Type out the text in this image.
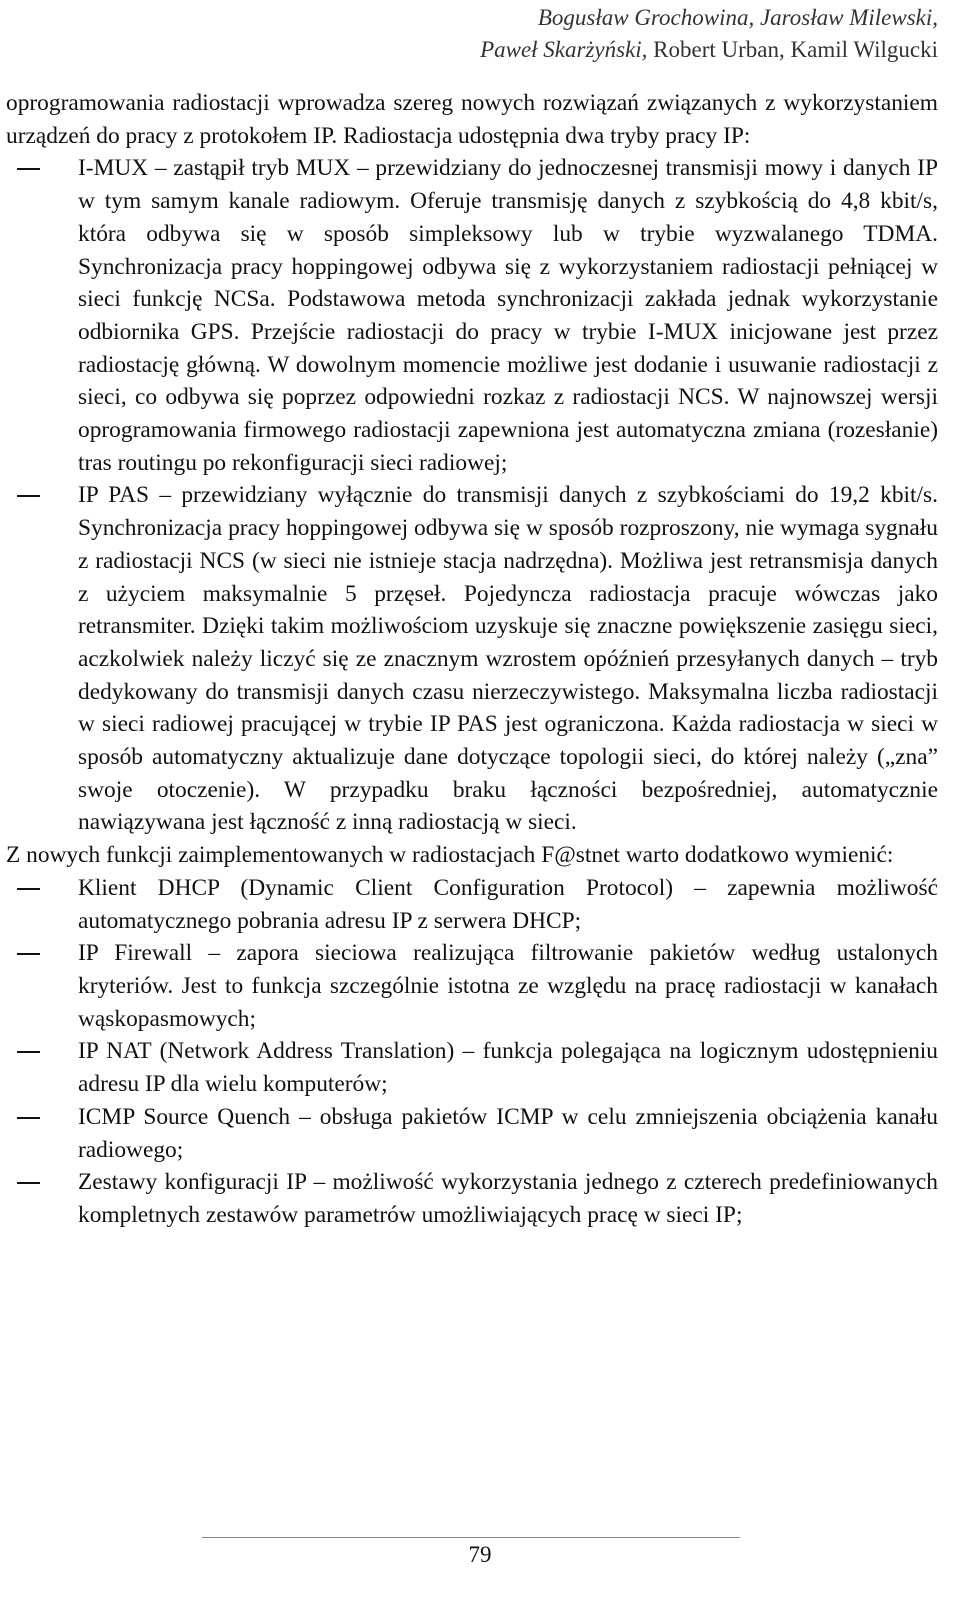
Bogusław Grochowina, Jarosław Milewski,
Paweł Skarżyński, Robert Urban, Kamil Wilgucki

oprogramowania radiostacji wprowadza szereg nowych rozwiązań związanych z wykorzystaniem urządzeń do pracy z protokołem IP. Radiostacja udostępnia dwa tryby pracy IP:

I-MUX – zastąpił tryb MUX – przewidziany do jednoczesnej transmisji mowy i danych IP w tym samym kanale radiowym. Oferuje transmisję danych z szybkością do 4,8 kbit/s, która odbywa się w sposób simpleksowy lub w trybie wyzwalanego TDMA. Synchronizacja pracy hoppingowej odbywa się z wykorzystaniem radiostacji pełniącej w sieci funkcję NCSa. Podstawowa metoda synchronizacji zakłada jednak wykorzystanie odbiornika GPS. Przejście radiostacji do pracy w trybie I-MUX inicjowane jest przez radiostację główną. W dowolnym momencie możliwe jest dodanie i usuwanie radiostacji z sieci, co odbywa się poprzez odpowiedni rozkaz z radiostacji NCS. W najnowszej wersji oprogramowania firmowego radiostacji zapewniona jest automatyczna zmiana (rozesłanie) tras routingu po rekonfiguracji sieci radiowej;
IP PAS – przewidziany wyłącznie do transmisji danych z szybkościami do 19,2 kbit/s. Synchronizacja pracy hoppingowej odbywa się w sposób rozproszony, nie wymaga sygnału z radiostacji NCS (w sieci nie istnieje stacja nadrzędna). Możliwa jest retransmisja danych z użyciem maksymalnie 5 przęseł. Pojedyncza radiostacja pracuje wówczas jako retransmiter. Dzięki takim możliwościom uzyskuje się znaczne powiększenie zasięgu sieci, aczkolwiek należy liczyć się ze znacznym wzrostem opóźnień przesyłanych danych – tryb dedykowany do transmisji danych czasu nierzeczywistego. Maksymalna liczba radiostacji w sieci radiowej pracującej w trybie IP PAS jest ograniczona. Każda radiostacja w sieci w sposób automatyczny aktualizuje dane dotyczące topologii sieci, do której należy („zna” swoje otoczenie). W przypadku braku łączności bezpośredniej, automatycznie nawiązywana jest łączność z inną radiostacją w sieci.

Z nowych funkcji zaimplementowanych w radiostacjach F@stnet warto dodatkowo wymienić:

Klient DHCP (Dynamic Client Configuration Protocol) – zapewnia możliwość automatycznego pobrania adresu IP z serwera DHCP;
IP Firewall – zapora sieciowa realizująca filtrowanie pakietów według ustalonych kryteriów. Jest to funkcja szczególnie istotna ze względu na pracę radiostacji w kanałach wąskopasmowych;
IP NAT (Network Address Translation) – funkcja polegająca na logicznym udostępnieniu adresu IP dla wielu komputerów;
ICMP Source Quench – obsługa pakietów ICMP w celu zmniejszenia obciążenia kanału radiowego;
Zestawy konfiguracji IP – możliwość wykorzystania jednego z czterech predefiniowanych kompletnych zestawów parametrów umożliwiających pracę w sieci IP;
79
